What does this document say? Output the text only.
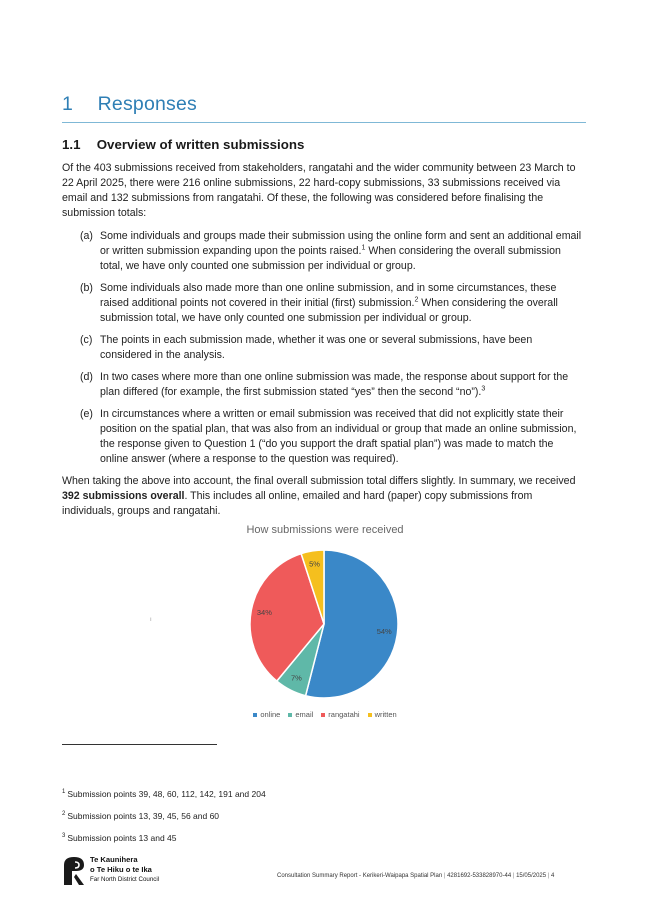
1 Responses
1.1 Overview of written submissions
Of the 403 submissions received from stakeholders, rangatahi and the wider community between 23 March to 22 April 2025, there were 216 online submissions, 22 hard-copy submissions, 33 submissions received via email and 132 submissions from rangatahi. Of these, the following was considered before finalising the submission totals:
(a) Some individuals and groups made their submission using the online form and sent an additional email or written submission expanding upon the points raised.$^1$ When considering the overall submission total, we have only counted one submission per individual or group.
(b) Some individuals also made more than one online submission, and in some circumstances, these raised additional points not covered in their initial (first) submission.$^2$ When considering the overall submission total, we have only counted one submission per individual or group.
(c) The points in each submission made, whether it was one or several submissions, have been considered in the analysis.
(d) In two cases where more than one online submission was made, the response about support for the plan differed (for example, the first submission stated “yes” then the second “no”).$^3$
(e) In circumstances where a written or email submission was received that did not explicitly state their position on the spatial plan, that was also from an individual or group that made an online submission, the response given to Question 1 (“do you support the draft spatial plan”) was made to match the online answer (where a response to the question was required).
When taking the above into account, the final overall submission total differs slightly. In summary, we received 392 submissions overall. This includes all online, emailed and hard (paper) copy submissions from individuals, groups and rangatahi.
How submissions were received
54%
7%
34%
5%
online email rangatahi written
ı
$^1$ Submission points 39, 48, 60, 112, 142, 191 and 204
$^2$ Submission points 13, 39, 45, 56 and 60
$^3$ Submission points 13 and 45
Te Kaunihera
o Te Hiku o te Ika
Far North District Council	Consultation Summary Report - Kerikeri-Waipapa Spatial Plan | 4281692-533828970-44 | 15/05/2025 | 4
